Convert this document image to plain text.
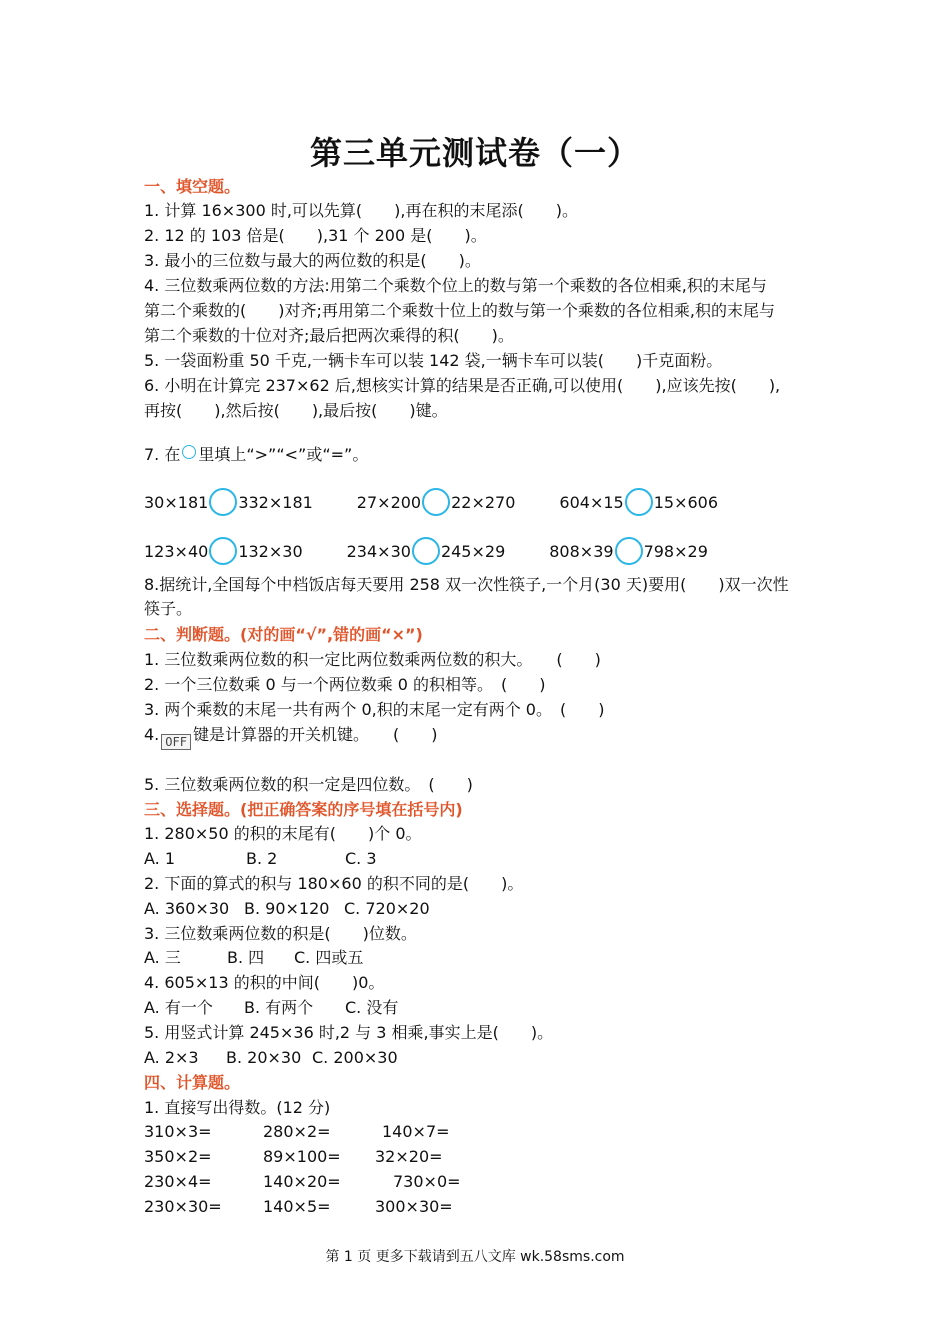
第三单元测试卷（一）
一、填空题。
1. 计算 16×300 时,可以先算(　　),再在积的末尾添(　　)。
2. 12 的 103 倍是(　　),31 个 200 是(　　)。
3. 最小的三位数与最大的两位数的积是(　　)。
4. 三位数乘两位数的方法:用第二个乘数个位上的数与第一个乘数的各位相乘,积的末尾与
第二个乘数的(　　)对齐;再用第二个乘数十位上的数与第一个乘数的各位相乘,积的末尾与
第二个乘数的十位对齐;最后把两次乘得的积(　　)。
5. 一袋面粉重 50 千克,一辆卡车可以装 142 袋,一辆卡车可以装(　　)千克面粉。
6. 小明在计算完 237×62 后,想核实计算的结果是否正确,可以使用(　　),应该先按(　　),
再按(　　),然后按(　　),最后按(　　)键。
7. 在 里填上“>”“<”或“=”。
30×181 332×181	27×200 22×270	604×15 15×606
123×40 132×30	234×30 245×29	808×39 798×29
8.据统计,全国每个中档饭店每天要用 258 双一次性筷子,一个月(30 天)要用(　　)双一次性
筷子。
二、判断题。(对的画“√”,错的画“×”)
1. 三位数乘两位数的积一定比两位数乘两位数的积大。　　(　　)
2. 一个三位数乘 0 与一个两位数乘 0 的积相等。　(　　)
3. 两个乘数的末尾一共有两个 0,积的末尾一定有两个 0。　(　　)
4. OFF 键是计算器的开关机键。　　(　　)
5. 三位数乘两位数的积一定是四位数。　(　　)
三、选择题。(把正确答案的序号填在括号内)
1. 280×50 的积的末尾有(　　)个 0。
A. 1	B. 2	C. 3
2. 下面的算式的积与 180×60 的积不同的是(　　)。
A. 360×30 B. 90×120 C. 720×20
3. 三位数乘两位数的积是(　　)位数。
A. 三	B. 四 C. 四或五
4. 605×13 的积的中间(　　)0。
A. 有一个 B. 有两个 C. 没有
5. 用竖式计算 245×36 时,2 与 3 相乘,事实上是(　　)。
A. 2×3 B. 20×30 C. 200×30
四、计算题。
1. 直接写出得数。(12 分)
310×3=	280×2=	140×7=
350×2=	89×100= 32×20=
230×4=	140×20=	730×0=
230×30=	140×5=	300×30=
第 1 页 更多下载请到五八文库 wk.58sms.com
